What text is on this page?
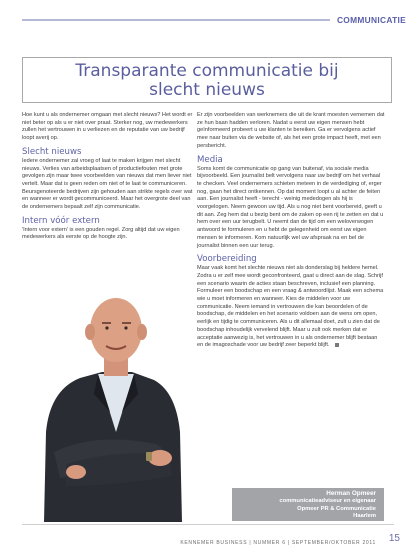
COMMUNICATIE
Transparante communicatie bij
slecht nieuws

Hoe kunt u als ondernemer omgaan met slecht nieuws? Het wordt er niet beter op als u er niet over praat. Sterker nog, uw medewerkers zullen het vertrouwen in u verliezen en de reputatie van uw bedrijf loopt averij op.

Slecht nieuws

Iedere ondernemer zal vroeg of laat te maken krijgen met slecht nieuws. Verlies van arbeidsplaatsen of productiefouten met grote gevolgen zijn maar twee voorbeelden van nieuws dat men liever niet vertelt. Maar dat is geen reden om niet of te laat te communiceren. Beursgenoteerde bedrijven zijn gehouden aan strikte regels over wat en wanneer er wordt gecommuniceerd. Maar het overgrote deel van de ondernemers bepaalt zelf zijn communicatie.

Intern vóór extern

'Intern voor extern' is een gouden regel. Zorg altijd dat uw eigen medewerkers als eerste op de hoogte zijn.

Er zijn voorbeelden van werknemers die uit de krant moesten vernemen dat ze hun baan hadden verloren. Nadat u eerst uw eigen mensen hebt geïnformeerd probeert u uw klanten te bereiken. Ga er vervolgens actief mee naar buiten via de website of, als het een grote impact heeft, met een persbericht.

Media

Soms komt de communicatie op gang van buitenaf, via sociale media bijvoorbeeld. Een journalist belt vervolgens naar uw bedrijf om het verhaal te checken. Veel ondernemers schieten meteen in de verdediging of, erger nog, gaan het direct ontkennen. Op dat moment loopt u al achter de feiten aan. Een journalist heeft - terecht - weinig mededogen als hij is voorgelogen. Neem gewoon uw tijd. Als u nog niet bent voorbereid, geeft u dit aan. Zeg hem dat u bezig bent om de zaken op een rij te zetten en dat u hem over een uur terugbelt. U neemt dan de tijd om een weloverwogen antwoord te formuleren en u hebt de gelegenheid om eerst uw eigen mensen te informeren. Kom natuurlijk wel uw afspraak na en bel de journalist binnen een uur terug.

Voorbereiding

Maar vaak komt het slechte nieuws niet als donderslag bij heldere hemel. Zodra u er zelf mee wordt geconfronteerd, gaat u direct aan de slag. Schrijf een scenario waarin de acties staan beschreven, inclusief een planning. Formuleer een boodschap en een vraag & antwoordlijst. Maak een schema wie u moet informeren en wanneer. Kies de middelen voor uw communicatie. Neem iemand in vertrouwen die kan beoordelen of de boodschap, de middelen en het scenario voldoen aan de wens om open, eerlijk en tijdig te communiceren. Als u dit allemaal doet, zult u zien dat de boodschap inhoudelijk vervelend blijft. Maar u zult ook merken dat er acceptatie aanwezig is, het vertrouwen in u als ondernemer blijft bestaan en de imagoschade voor uw bedrijf zeer beperkt blijft.

Herman Opmeer

communicatieadviseur en eigenaar

Opmeer PR & Communicatie

Haarlem

KENNEMER BUSINESS | NUMMER 6 | SEPTEMBER/OKTOBER 2011 15
